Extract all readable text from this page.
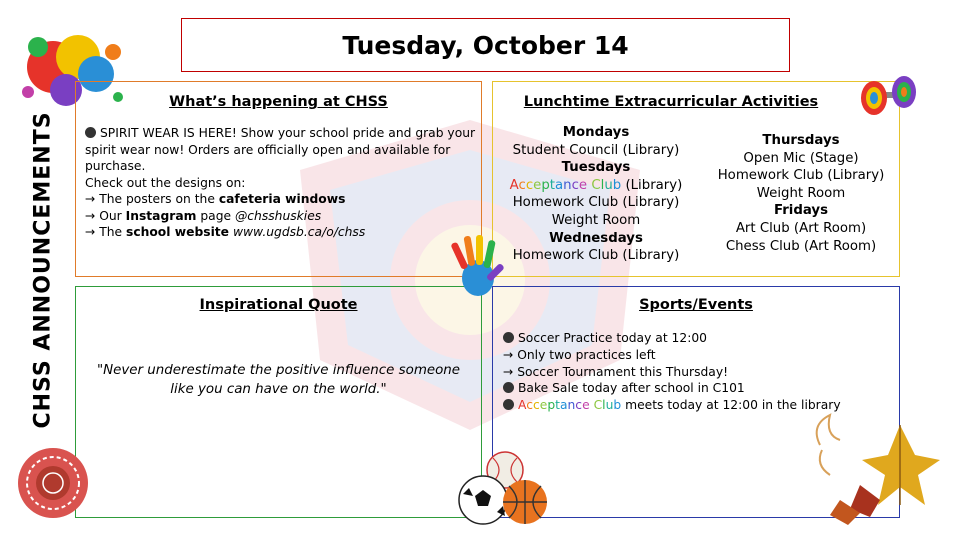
Tuesday, October 14
CHSS ANNOUNCEMENTS
What’s happening at CHSS
SPIRIT WEAR IS HERE! Show your school pride and grab your spirit wear now! Orders are officially open and available for purchase.
Check out the designs on:
→ The posters on the cafeteria windows
→ Our Instagram page @chsshuskies
→ The school website www.ugdsb.ca/o/chss
Lunchtime Extracurricular Activities
Mondays
Student Council (Library)
Tuesdays
Acceptance Club (Library)
Homework Club (Library)
Weight Room
Wednesdays
Homework Club (Library)
Thursdays
Open Mic (Stage)
Homework Club (Library)
Weight Room
Fridays
Art Club (Art Room)
Chess Club (Art Room)
Inspirational Quote
"Never underestimate the positive influence someone like you can have on the world."
Sports/Events
Soccer Practice today at 12:00
→ Only two practices left
→ Soccer Tournament this Thursday!
Bake Sale today after school in C101
Acceptance Club meets today at 12:00 in the library
